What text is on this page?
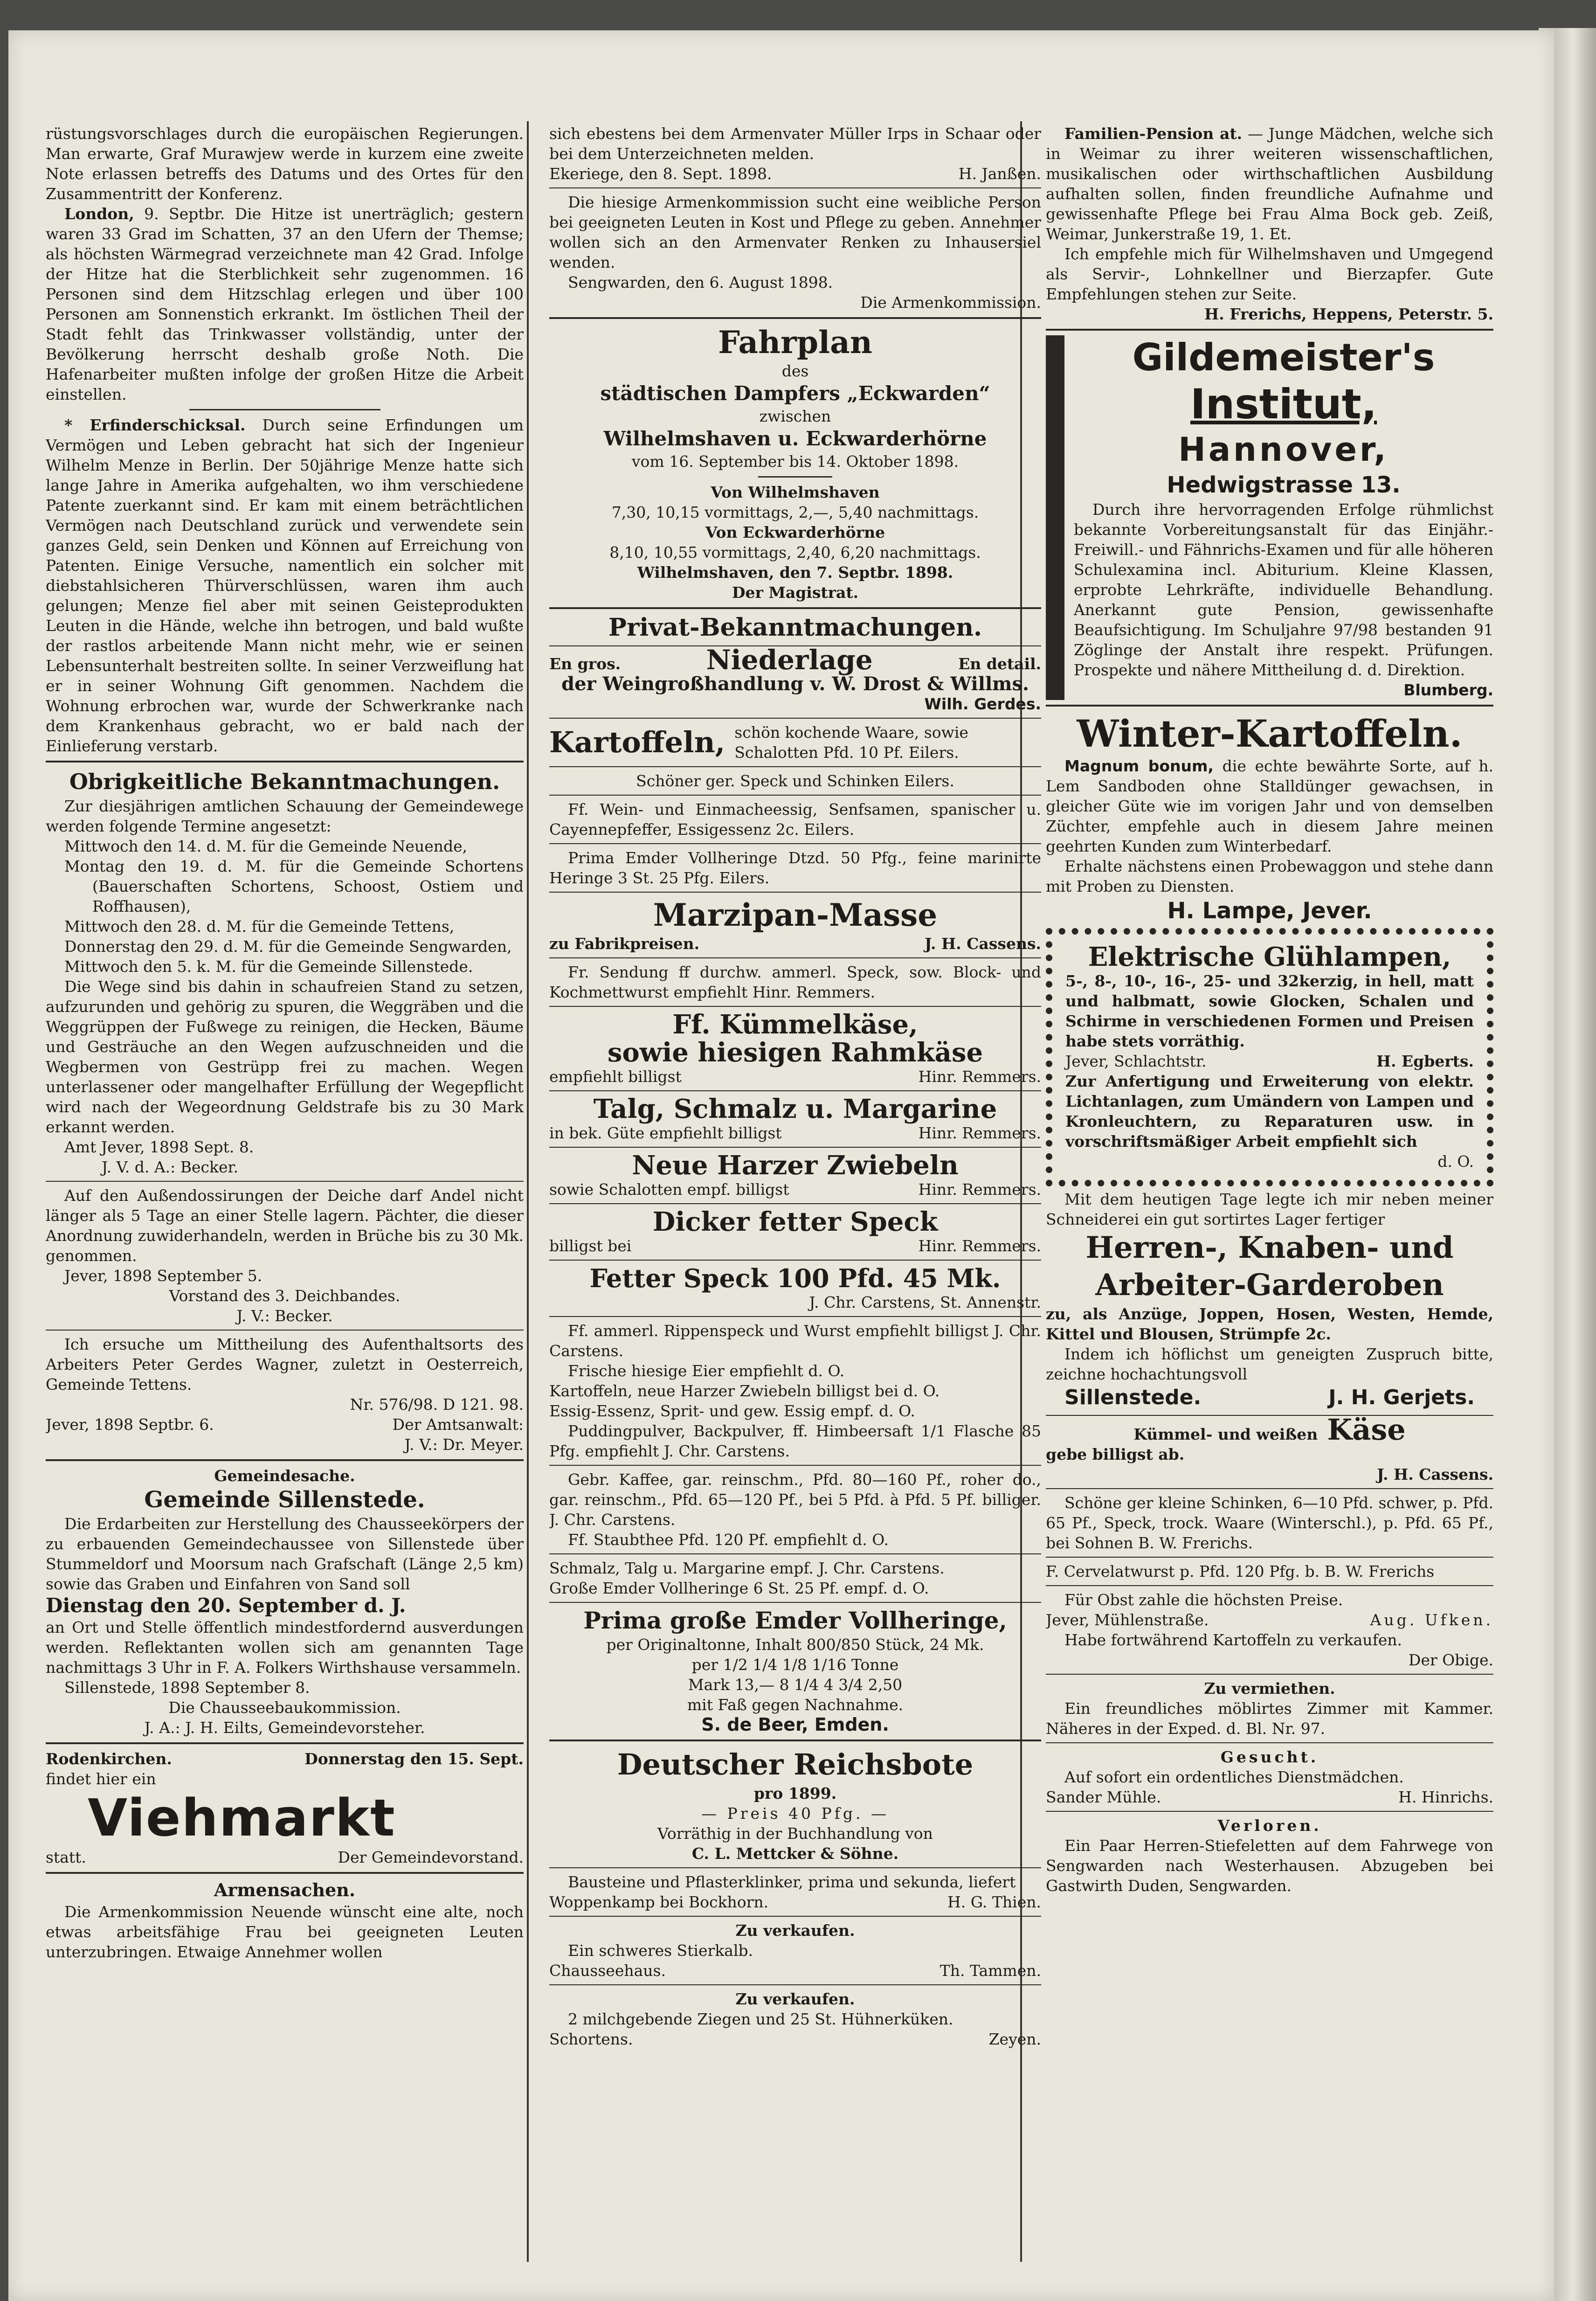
rüstungsvorschlages durch die europäischen Regierungen. Man erwarte, Graf Murawjew werde in kurzem eine zweite Note erlassen betreffs des Datums und des Ortes für den Zusammentritt der Konferenz.

London, 9. Septbr. Die Hitze ist unerträglich; gestern waren 33 Grad im Schatten, 37 an den Ufern der Themse; als höchsten Wärmegrad verzeichnete man 42 Grad. Infolge der Hitze hat die Sterblichkeit sehr zugenommen. 16 Personen sind dem Hitzschlag erlegen und über 100 Personen am Sonnenstich erkrankt. Im östlichen Theil der Stadt fehlt das Trinkwasser vollständig, unter der Bevölkerung herrscht deshalb große Noth. Die Hafenarbeiter mußten infolge der großen Hitze die Arbeit einstellen.

* Erfinderschicksal. Durch seine Erfindungen um Vermögen und Leben gebracht hat sich der Ingenieur Wilhelm Menze in Berlin. Der 50jährige Menze hatte sich lange Jahre in Amerika aufgehalten, wo ihm verschiedene Patente zuerkannt sind. Er kam mit einem beträchtlichen Vermögen nach Deutschland zurück und verwendete sein ganzes Geld, sein Denken und Können auf Erreichung von Patenten. Einige Versuche, namentlich ein solcher mit diebstahlsicheren Thürverschlüssen, waren ihm auch gelungen; Menze fiel aber mit seinen Geisteprodukten Leuten in die Hände, welche ihn betrogen, und bald wußte der rastlos arbeitende Mann nicht mehr, wie er seinen Lebensunterhalt bestreiten sollte. In seiner Verzweiflung hat er in seiner Wohnung Gift genommen. Nachdem die Wohnung erbrochen war, wurde der Schwerkranke nach dem Krankenhaus gebracht, wo er bald nach der Einlieferung verstarb.

Obrigkeitliche Bekanntmachungen.

Zur diesjährigen amtlichen Schauung der Gemeindewege werden folgende Termine angesetzt:

Mittwoch den 14. d. M. für die Gemeinde Neuende,

Montag den 19. d. M. für die Gemeinde Schortens (Bauerschaften Schortens, Schoost, Ostiem und Roffhausen),

Mittwoch den 28. d. M. für die Gemeinde Tettens,

Donnerstag den 29. d. M. für die Gemeinde Sengwarden,

Mittwoch den 5. k. M. für die Gemeinde Sillenstede.

Die Wege sind bis dahin in schaufreien Stand zu setzen, aufzurunden und gehörig zu spuren, die Weggräben und die Weggrüppen der Fußwege zu reinigen, die Hecken, Bäume und Gesträuche an den Wegen aufzuschneiden und die Wegbermen von Gestrüpp frei zu machen. Wegen unterlassener oder mangelhafter Erfüllung der Wegepflicht wird nach der Wegeordnung Geldstrafe bis zu 30 Mark erkannt werden.

Amt Jever, 1898 Sept. 8.

J. V. d. A.: Becker.

Auf den Außendossirungen der Deiche darf Andel nicht länger als 5 Tage an einer Stelle lagern. Pächter, die dieser Anordnung zuwiderhandeln, werden in Brüche bis zu 30 Mk. genommen.

Jever, 1898 September 5.

Vorstand des 3. Deichbandes.

J. V.: Becker.

Ich ersuche um Mittheilung des Aufenthaltsorts des Arbeiters Peter Gerdes Wagner, zuletzt in Oesterreich, Gemeinde Tettens.

Nr. 576/98. D 121. 98.

Jever, 1898 Septbr. 6.	Der Amtsanwalt:

J. V.: Dr. Meyer.

Gemeindesache.

Gemeinde Sillenstede.

Die Erdarbeiten zur Herstellung des Chausseekörpers der zu erbauenden Gemeindechaussee von Sillenstede über Stummeldorf und Moorsum nach Grafschaft (Länge 2,5 km) sowie das Graben und Einfahren von Sand soll

Dienstag den 20. September d. J.

an Ort und Stelle öffentlich mindestfordernd ausverdungen werden. Reflektanten wollen sich am genannten Tage nachmittags 3 Uhr in F. A. Folkers Wirthshause versammeln.

Sillenstede, 1898 September 8.

Die Chausseebaukommission.

J. A.: J. H. Eilts, Gemeindevorsteher.

Rodenkirchen.	Donnerstag den 15. Sept.

findet hier ein

Viehmarkt
statt.	Der Gemeindevorstand.
Armensachen.

Die Armenkommission Neuende wünscht eine alte, noch etwas arbeitsfähige Frau bei geeigneten Leuten unterzubringen. Etwaige Annehmer wollen

sich ebestens bei dem Armenvater Müller Irps in Schaar oder bei dem Unterzeichneten melden.

Ekeriege, den 8. Sept. 1898.	H. Janßen.

Die hiesige Armenkommission sucht eine weibliche Person bei geeigneten Leuten in Kost und Pflege zu geben. Annehmer wollen sich an den Armenvater Renken zu Inhausersiel wenden.

Sengwarden, den 6. August 1898.

Die Armenkommission.

Fahrplan

des

städtischen Dampfers „Eckwarden“

zwischen

Wilhelmshaven u. Eckwarderhörne

vom 16. September bis 14. Oktober 1898.

Von Wilhelmshaven

7,30, 10,15 vormittags, 2,—, 5,40 nachmittags.

Von Eckwarderhörne

8,10, 10,55 vormittags, 2,40, 6,20 nachmittags.

Wilhelmshaven, den 7. Septbr. 1898.

Der Magistrat.

Privat-Bekanntmachungen.
En gros.	Niederlage	En detail.

der Weingroßhandlung v. W. Drost & Willms.

Wilh. Gerdes.

Kartoffeln, schön kochende Waare, sowie Schalotten Pfd. 10 Pf. Eilers.

Schöner ger. Speck und Schinken Eilers.

Ff. Wein- und Einmacheessig, Senfsamen, spanischer u. Cayennepfeffer, Essigessenz 2c. Eilers.

Prima Emder Vollheringe Dtzd. 50 Pfg., feine marinirte Heringe 3 St. 25 Pfg. Eilers.

Marzipan-Masse
zu Fabrikpreisen.	J. H. Cassens.

Fr. Sendung ff durchw. ammerl. Speck, sow. Block- und Kochmettwurst empfiehlt Hinr. Remmers.

Ff. Kümmelkäse,
sowie hiesigen Rahmkäse
empfiehlt billigst	Hinr. Remmers.
Talg, Schmalz u. Margarine
in bek. Güte empfiehlt billigst	Hinr. Remmers.
Neue Harzer Zwiebeln
sowie Schalotten empf. billigst	Hinr. Remmers.
Dicker fetter Speck
billigst bei	Hinr. Remmers.
Fetter Speck 100 Pfd. 45 Mk.

J. Chr. Carstens, St. Annenstr.

Ff. ammerl. Rippenspeck und Wurst empfiehlt billigst J. Chr. Carstens.

Frische hiesige Eier empfiehlt d. O.

Kartoffeln, neue Harzer Zwiebeln billigst bei d. O.

Essig-Essenz, Sprit- und gew. Essig empf. d. O.

Puddingpulver, Backpulver, ff. Himbeersaft 1/1 Flasche 85 Pfg. empfiehlt J. Chr. Carstens.

Gebr. Kaffee, gar. reinschm., Pfd. 80—160 Pf., roher do., gar. reinschm., Pfd. 65—120 Pf., bei 5 Pfd. à Pfd. 5 Pf. billiger. J. Chr. Carstens.

Ff. Staubthee Pfd. 120 Pf. empfiehlt d. O.

Schmalz, Talg u. Margarine empf. J. Chr. Carstens.

Große Emder Vollheringe 6 St. 25 Pf. empf. d. O.

Prima große Emder Vollheringe,

per Originaltonne, Inhalt 800/850 Stück, 24 Mk.

per 1/2 1/4 1/8 1/16 Tonne

Mark 13,— 8 1/4 4 3/4 2,50

mit Faß gegen Nachnahme.

S. de Beer, Emden.

Deutscher Reichsbote

pro 1899.

— Preis 40 Pfg. —

Vorräthig in der Buchhandlung von

C. L. Mettcker & Söhne.

Bausteine und Pflasterklinker, prima und sekunda, liefert

Woppenkamp bei Bockhorn.	H. G. Thien.

Zu verkaufen.

Ein schweres Stierkalb.

Chausseehaus.	Th. Tammen.

Zu verkaufen.

2 milchgebende Ziegen und 25 St. Hühnerküken.

Schortens.	Zeyen.

Familien-Pension at. — Junge Mädchen, welche sich in Weimar zu ihrer weiteren wissenschaftlichen, musikalischen oder wirthschaftlichen Ausbildung aufhalten sollen, finden freundliche Aufnahme und gewissenhafte Pflege bei Frau Alma Bock geb. Zeiß, Weimar, Junkerstraße 19, 1. Et.

Ich empfehle mich für Wilhelmshaven und Umgegend als Servir-, Lohnkellner und Bierzapfer. Gute Empfehlungen stehen zur Seite.

H. Frerichs, Heppens, Peterstr. 5.

Gildemeister's
Institut,
Hannover,
Hedwigstrasse 13.

Durch ihre hervorragenden Erfolge rühmlichst bekannte Vorbereitungsanstalt für das Einjähr.-Freiwill.- und Fähnrichs-Examen und für alle höheren Schulexamina incl. Abiturium. Kleine Klassen, erprobte Lehrkräfte, individuelle Behandlung. Anerkannt gute Pension, gewissenhafte Beaufsichtigung. Im Schuljahre 97/98 bestanden 91 Zöglinge der Anstalt ihre respekt. Prüfungen. Prospekte und nähere Mittheilung d. d. Direktion.

Blumberg.

Winter-Kartoffeln.

Magnum bonum, die echte bewährte Sorte, auf h. Lem Sandboden ohne Stalldünger gewachsen, in gleicher Güte wie im vorigen Jahr und von demselben Züchter, empfehle auch in diesem Jahre meinen geehrten Kunden zum Winterbedarf.

Erhalte nächstens einen Probewaggon und stehe dann mit Proben zu Diensten.

H. Lampe, Jever.

Elektrische Glühlampen,

5-, 8-, 10-, 16-, 25- und 32kerzig, in hell, matt und halbmatt, sowie Glocken, Schalen und Schirme in verschiedenen Formen und Preisen habe stets vorräthig.

Jever, Schlachtstr.	H. Egberts.

Zur Anfertigung und Erweiterung von elektr. Lichtanlagen, zum Umändern von Lampen und Kronleuchtern, zu Reparaturen usw. in vorschriftsmäßiger Arbeit empfiehlt sich

d. O.

Mit dem heutigen Tage legte ich mir neben meiner Schneiderei ein gut sortirtes Lager fertiger

Herren-, Knaben- und
Arbeiter-Garderoben

zu, als Anzüge, Joppen, Hosen, Westen, Hemde, Kittel und Blousen, Strümpfe 2c.

Indem ich höflichst um geneigten Zuspruch bitte, zeichne hochachtungsvoll

Sillenstede.	J. H. Gerjets.
Kümmel- und weißen Käse

gebe billigst ab.

J. H. Cassens.

Schöne ger kleine Schinken, 6—10 Pfd. schwer, p. Pfd. 65 Pf., Speck, trock. Waare (Winterschl.), p. Pfd. 65 Pf., bei Sohnen B. W. Frerichs.

F. Cervelatwurst p. Pfd. 120 Pfg. b. B. W. Frerichs

Für Obst zahle die höchsten Preise.

Jever, Mühlenstraße.	Aug. Ufken.

Habe fortwährend Kartoffeln zu verkaufen.

Der Obige.

Zu vermiethen.

Ein freundliches möblirtes Zimmer mit Kammer. Näheres in der Exped. d. Bl. Nr. 97.

Gesucht.

Auf sofort ein ordentliches Dienstmädchen.

Sander Mühle.	H. Hinrichs.

Verloren.

Ein Paar Herren-Stiefeletten auf dem Fahrwege von Sengwarden nach Westerhausen. Abzugeben bei Gastwirth Duden, Sengwarden.
